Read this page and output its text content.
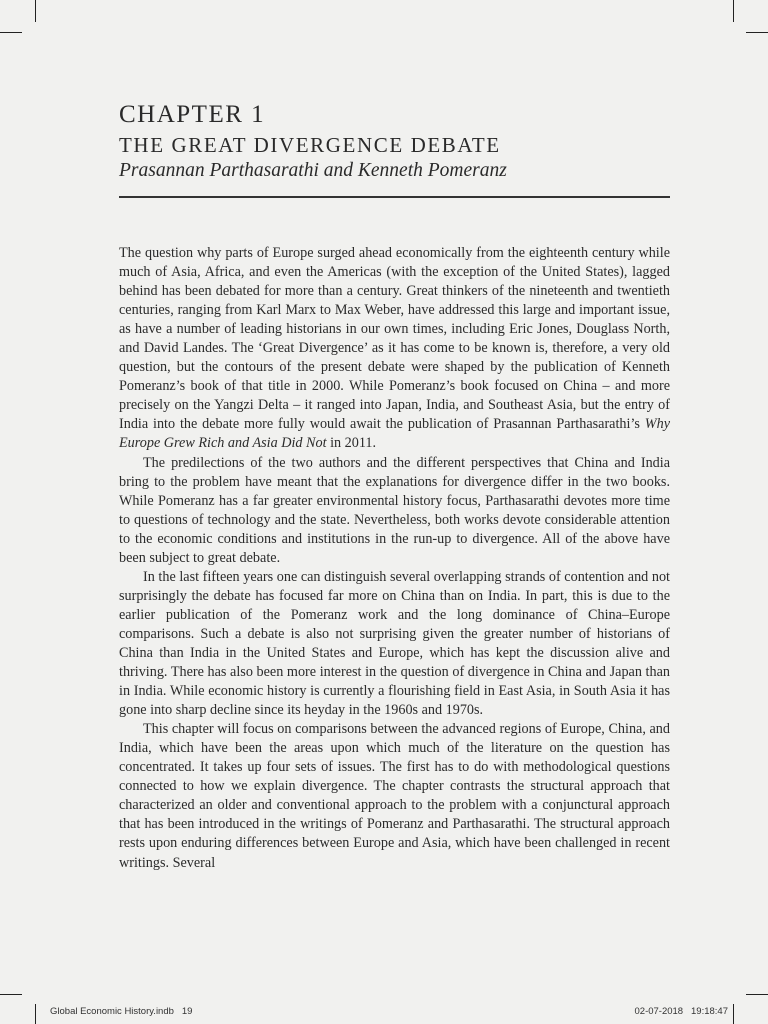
CHAPTER 1
THE GREAT DIVERGENCE DEBATE
Prasannan Parthasarathi and Kenneth Pomeranz

The question why parts of Europe surged ahead economically from the eighteenth century while much of Asia, Africa, and even the Americas (with the exception of the United States), lagged behind has been debated for more than a century. Great thinkers of the nineteenth and twentieth centuries, ranging from Karl Marx to Max Weber, have addressed this large and important issue, as have a number of leading historians in our own times, including Eric Jones, Douglass North, and David Landes. The ‘Great Divergence’ as it has come to be known is, therefore, a very old question, but the contours of the present debate were shaped by the publication of Kenneth Pomeranz’s book of that title in 2000. While Pomeranz’s book focused on China – and more precisely on the Yangzi Delta – it ranged into Japan, India, and Southeast Asia, but the entry of India into the debate more fully would await the publication of Prasannan Parthasarathi’s Why Europe Grew Rich and Asia Did Not in 2011.

The predilections of the two authors and the different perspectives that China and India bring to the problem have meant that the explanations for divergence differ in the two books. While Pomeranz has a far greater environmental history focus, Parthasarathi devotes more time to questions of technology and the state. Nevertheless, both works devote considerable attention to the economic conditions and institutions in the run-up to divergence. All of the above have been subject to great debate.

In the last fifteen years one can distinguish several overlapping strands of contention and not surprisingly the debate has focused far more on China than on India. In part, this is due to the earlier publication of the Pomeranz work and the long dominance of China–Europe comparisons. Such a debate is also not surprising given the greater number of historians of China than India in the United States and Europe, which has kept the discussion alive and thriving. There has also been more interest in the question of divergence in China and Japan than in India. While economic history is currently a flourishing field in East Asia, in South Asia it has gone into sharp decline since its heyday in the 1960s and 1970s.

This chapter will focus on comparisons between the advanced regions of Europe, China, and India, which have been the areas upon which much of the literature on the question has concentrated. It takes up four sets of issues. The first has to do with methodological questions connected to how we explain divergence. The chapter contrasts the structural approach that characterized an older and conventional approach to the problem with a conjunctural approach that has been introduced in the writings of Pomeranz and Parthasarathi. The structural approach rests upon enduring differences between Europe and Asia, which have been challenged in recent writings. Several

Global Economic History.indb   19	02-07-2018   19:18:47
